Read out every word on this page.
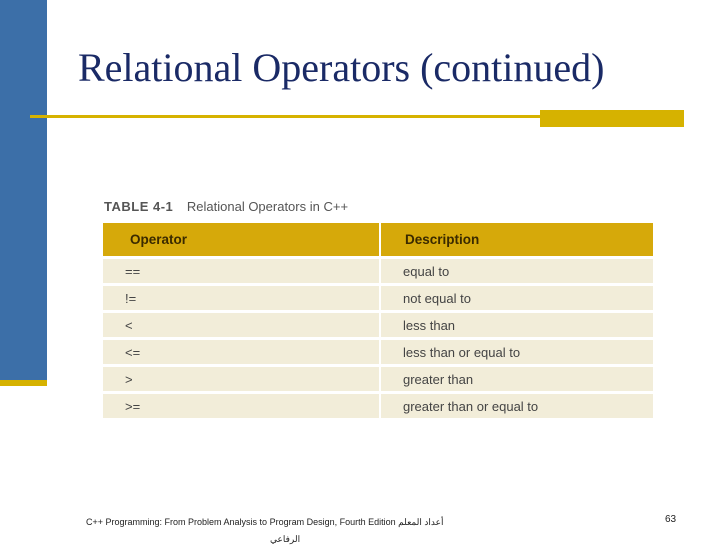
Relational Operators (continued)
TABLE 4-1 Relational Operators in C++
Operator	Description
==	equal to
!=	not equal to
<	less than
<=	less than or equal to
>	greater than
>=	greater than or equal to
C++ Programming: From Problem Analysis to Program Design, Fourth Edition أعداد المعلم
الرفاعي
63
